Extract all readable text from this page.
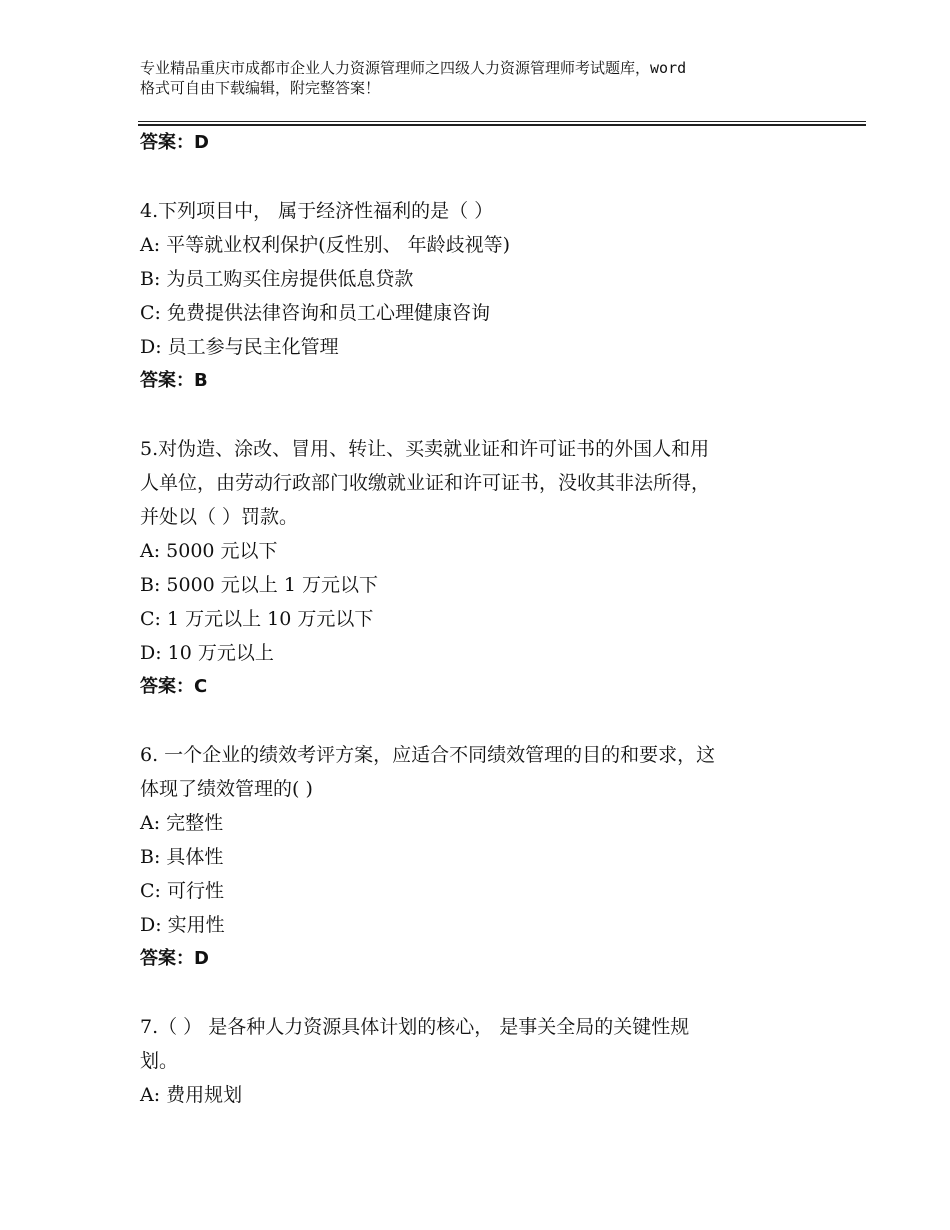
专业精品重庆市成都市企业人力资源管理师之四级人力资源管理师考试题库，word
格式可自由下载编辑，附完整答案！
答案：D
4.下列项目中， 属于经济性福利的是（ ）
A: 平等就业权利保护(反性别、 年龄歧视等)
B: 为员工购买住房提供低息贷款
C: 免费提供法律咨询和员工心理健康咨询
D: 员工参与民主化管理
答案：B
5.对伪造、涂改、冒用、转让、买卖就业证和许可证书的外国人和用
人单位，由劳动行政部门收缴就业证和许可证书，没收其非法所得，
并处以（ ）罚款。
A: 5000 元以下
B: 5000 元以上 1 万元以下
C: 1 万元以上 10 万元以下
D: 10 万元以上
答案：C
6. 一个企业的绩效考评方案，应适合不同绩效管理的目的和要求，这
体现了绩效管理的( )
A: 完整性
B: 具体性
C: 可行性
D: 实用性
答案：D
7.（ ） 是各种人力资源具体计划的核心， 是事关全局的关键性规
划。
A: 费用规划
